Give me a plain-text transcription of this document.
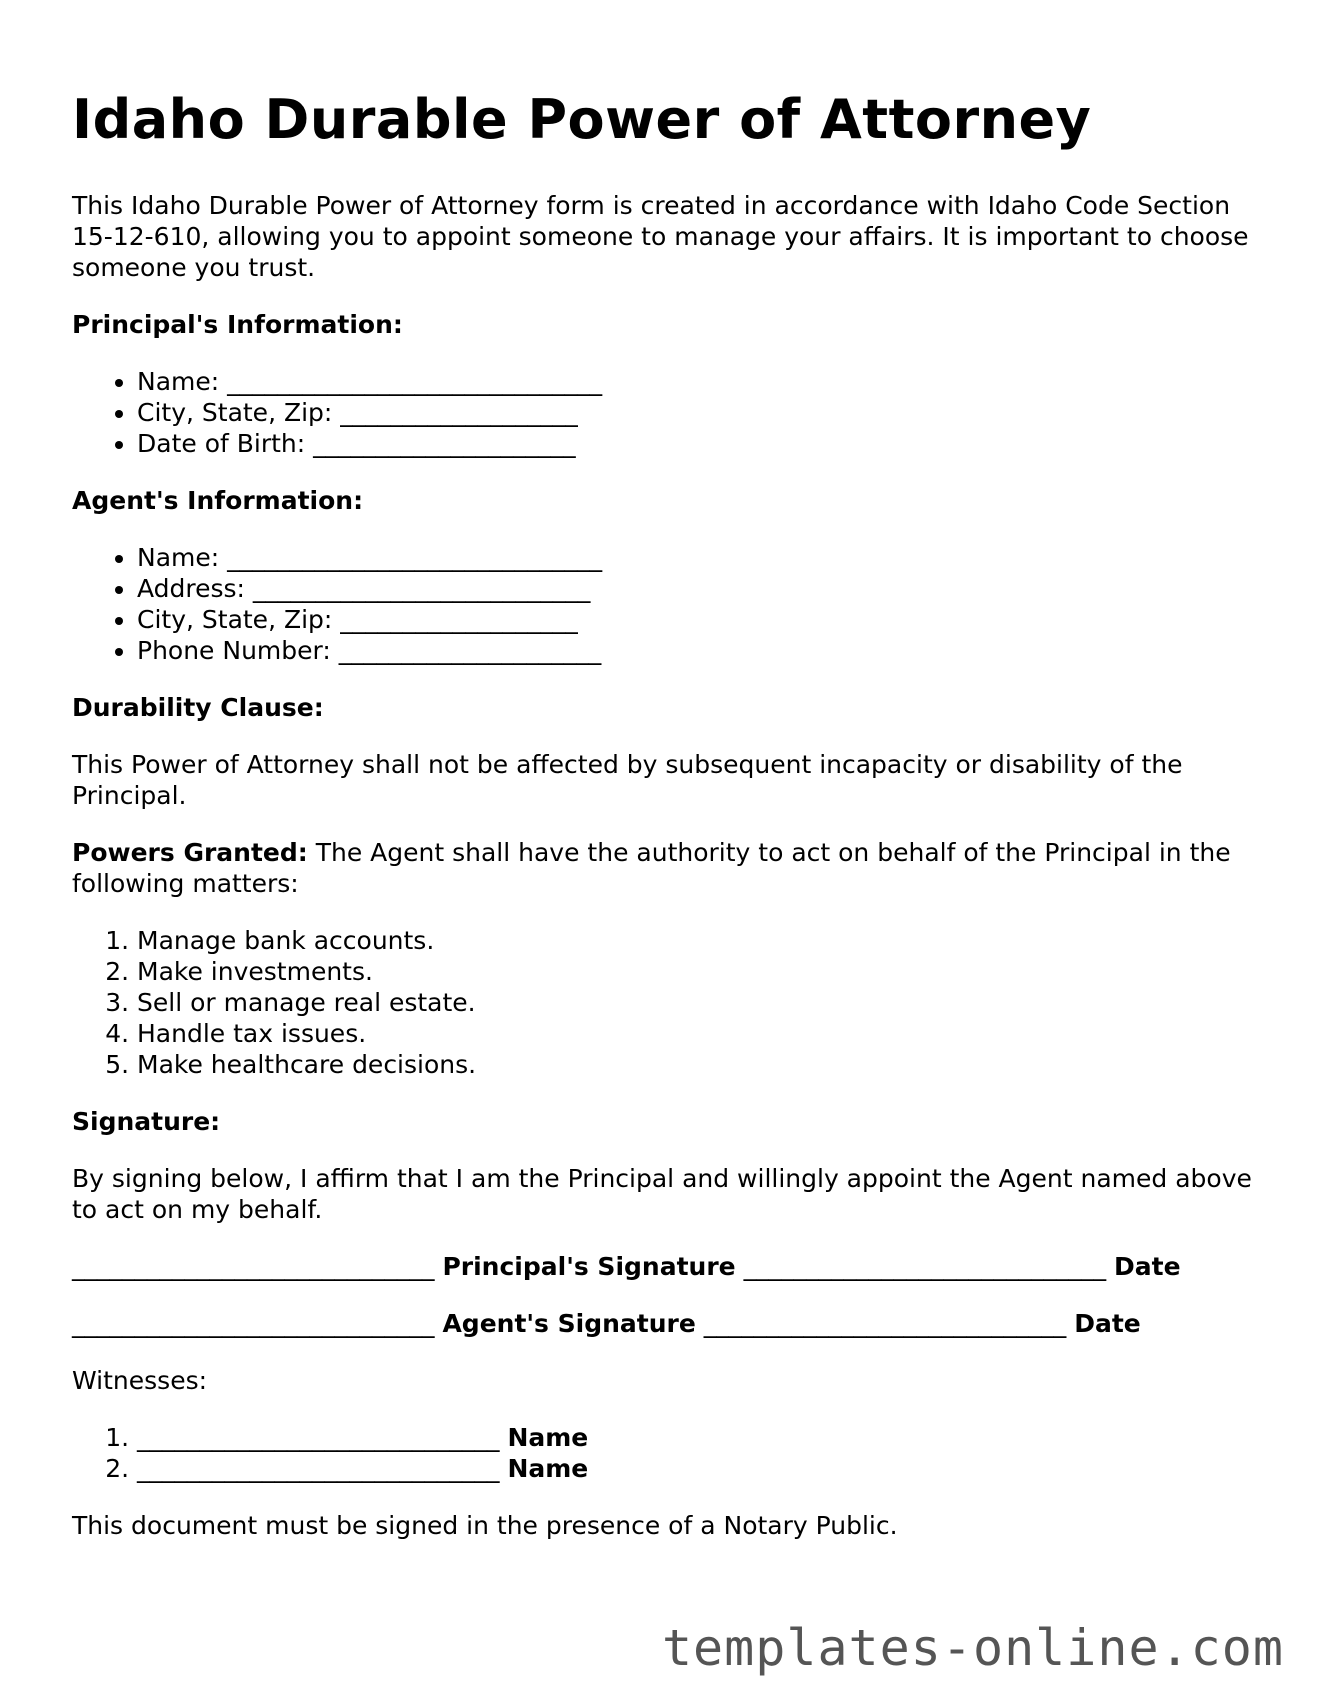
Idaho Durable Power of Attorney

This Idaho Durable Power of Attorney form is created in accordance with Idaho Code Section 15-12-610, allowing you to appoint someone to manage your affairs. It is important to choose someone you trust.

Principal's Information:
• Name: ______________________________
• City, State, Zip: ___________________
• Date of Birth: _____________________
Agent's Information:
• Name: ______________________________
• Address: ___________________________
• City, State, Zip: ___________________
• Phone Number: _____________________
Durability Clause:

This Power of Attorney shall not be affected by subsequent incapacity or disability of the Principal.

Powers Granted: The Agent shall have the authority to act on behalf of the Principal in the following matters:

1. Manage bank accounts.
2. Make investments.
3. Sell or manage real estate.
4. Handle tax issues.
5. Make healthcare decisions.
Signature:

By signing below, I affirm that I am the Principal and willingly appoint the Agent named above to act on my behalf.

_____________________________ Principal's Signature _____________________________ Date
_____________________________ Agent's Signature _____________________________ Date

Witnesses:

1. _____________________________ Name
2. _____________________________ Name

This document must be signed in the presence of a Notary Public.

templates-online.com
